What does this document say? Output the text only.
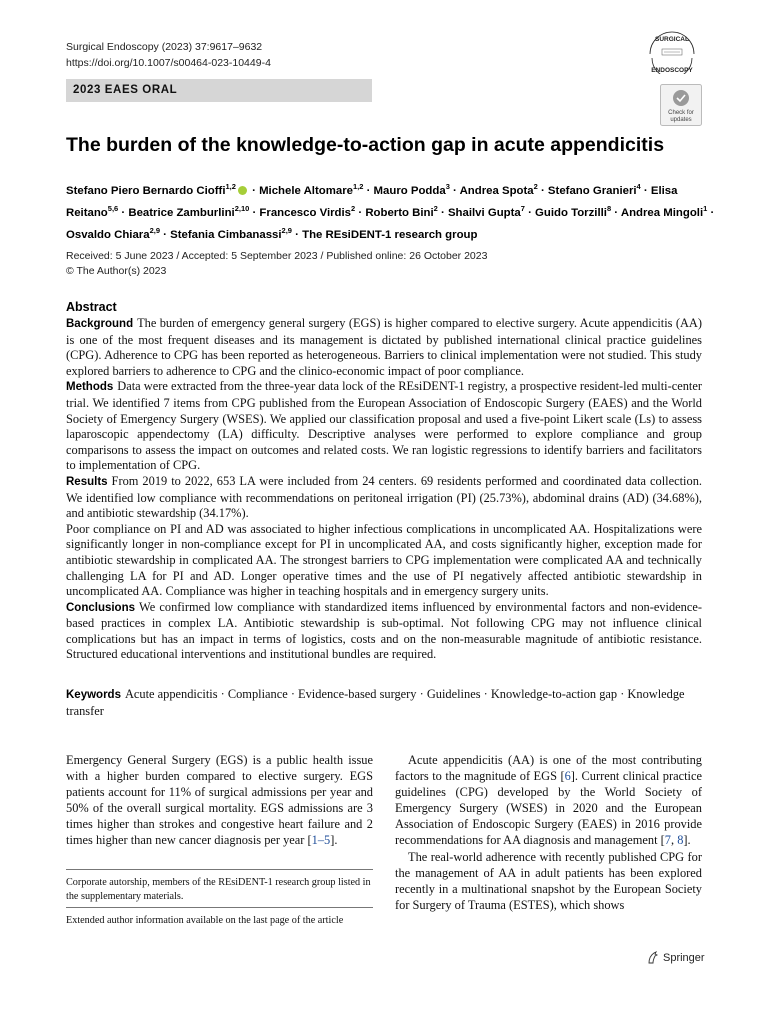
Surgical Endoscopy (2023) 37:9617–9632
https://doi.org/10.1007/s00464-023-10449-4
SURGICAL
ENDOSCOPY
2023 EAES ORAL
Check for
updates
The burden of the knowledge-to-action gap in acute appendicitis
Stefano Piero Bernardo Cioffi$^{1,2}$ · Michele Altomare$^{1,2}$ · Mauro Podda$^3$ · Andrea Spota$^2$ · Stefano Granieri$^4$ · Elisa Reitano$^{5,6}$ · Beatrice Zamburlini$^{2,10}$ · Francesco Virdis$^2$ · Roberto Bini$^2$ · Shailvi Gupta$^7$ · Guido Torzilli$^8$ · Andrea Mingoli$^1$ · Osvaldo Chiara$^{2,9}$ · Stefania Cimbanassi$^{2,9}$ · The REsiDENT-1 research group
Received: 5 June 2023 / Accepted: 5 September 2023 / Published online: 26 October 2023
© The Author(s) 2023
Abstract

Background The burden of emergency general surgery (EGS) is higher compared to elective surgery. Acute appendicitis (AA) is one of the most frequent diseases and its management is dictated by published international clinical practice guidelines (CPG). Adherence to CPG has been reported as heterogeneous. Barriers to clinical implementation were not studied. This study explored barriers to adherence to CPG and the clinico-economic impact of poor compliance.

Methods Data were extracted from the three-year data lock of the REsiDENT-1 registry, a prospective resident-led multi-center trial. We identified 7 items from CPG published from the European Association of Endoscopic Surgery (EAES) and the World Society of Emergency Surgery (WSES). We applied our classification proposal and used a five-point Likert scale (Ls) to assess laparoscopic appendectomy (LA) difficulty. Descriptive analyses were performed to explore compliance and group comparisons to assess the impact on outcomes and related costs. We ran logistic regressions to identify barriers and facilitators to implementation of CPG.

Results From 2019 to 2022, 653 LA were included from 24 centers. 69 residents performed and coordinated data collection. We identified low compliance with recommendations on peritoneal irrigation (PI) (25.73%), abdominal drains (AD) (34.68%), and antibiotic stewardship (34.17%).

Poor compliance on PI and AD was associated to higher infectious complications in uncomplicated AA. Hospitalizations were significantly longer in non-compliance except for PI in uncomplicated AA, and costs significantly higher, exception made for antibiotic stewardship in complicated AA. The strongest barriers to CPG implementation were complicated AA and technically challenging LA for PI and AD. Longer operative times and the use of PI negatively affected antibiotic stewardship in uncomplicated AA. Compliance was higher in teaching hospitals and in emergency surgery units.

Conclusions We confirmed low compliance with standardized items influenced by environmental factors and non-evidence-based practices in complex LA. Antibiotic stewardship is sub-optimal. Not following CPG may not influence clinical complications but has an impact in terms of logistics, costs and on the non-measurable magnitude of antibiotic resistance. Structured educational interventions and institutional bundles are required.

Keywords Acute appendicitis · Compliance · Evidence-based surgery · Guidelines · Knowledge-to-action gap · Knowledge transfer

Emergency General Surgery (EGS) is a public health issue with a higher burden compared to elective surgery. EGS patients account for 11% of surgical admissions per year and 50% of the overall surgical mortality. EGS admissions are 3 times higher than strokes and congestive heart failure and 2 times higher than new cancer diagnosis per year [1–5].

Corporate autorship, members of the REsiDENT-1 research group listed in the supplementary materials.
Extended author information available on the last page of the article

Acute appendicitis (AA) is one of the most contributing factors to the magnitude of EGS [6]. Current clinical practice guidelines (CPG) developed by the World Society of Emergency Surgery (WSES) in 2020 and the European Association of Endoscopic Surgery (EAES) in 2016 provide recommendations for AA diagnosis and management [7, 8].

The real-world adherence with recently published CPG for the management of AA in adult patients has been explored recently in a multinational snapshot by the European Society for Surgery of Trauma (ESTES), which shows

Springer
